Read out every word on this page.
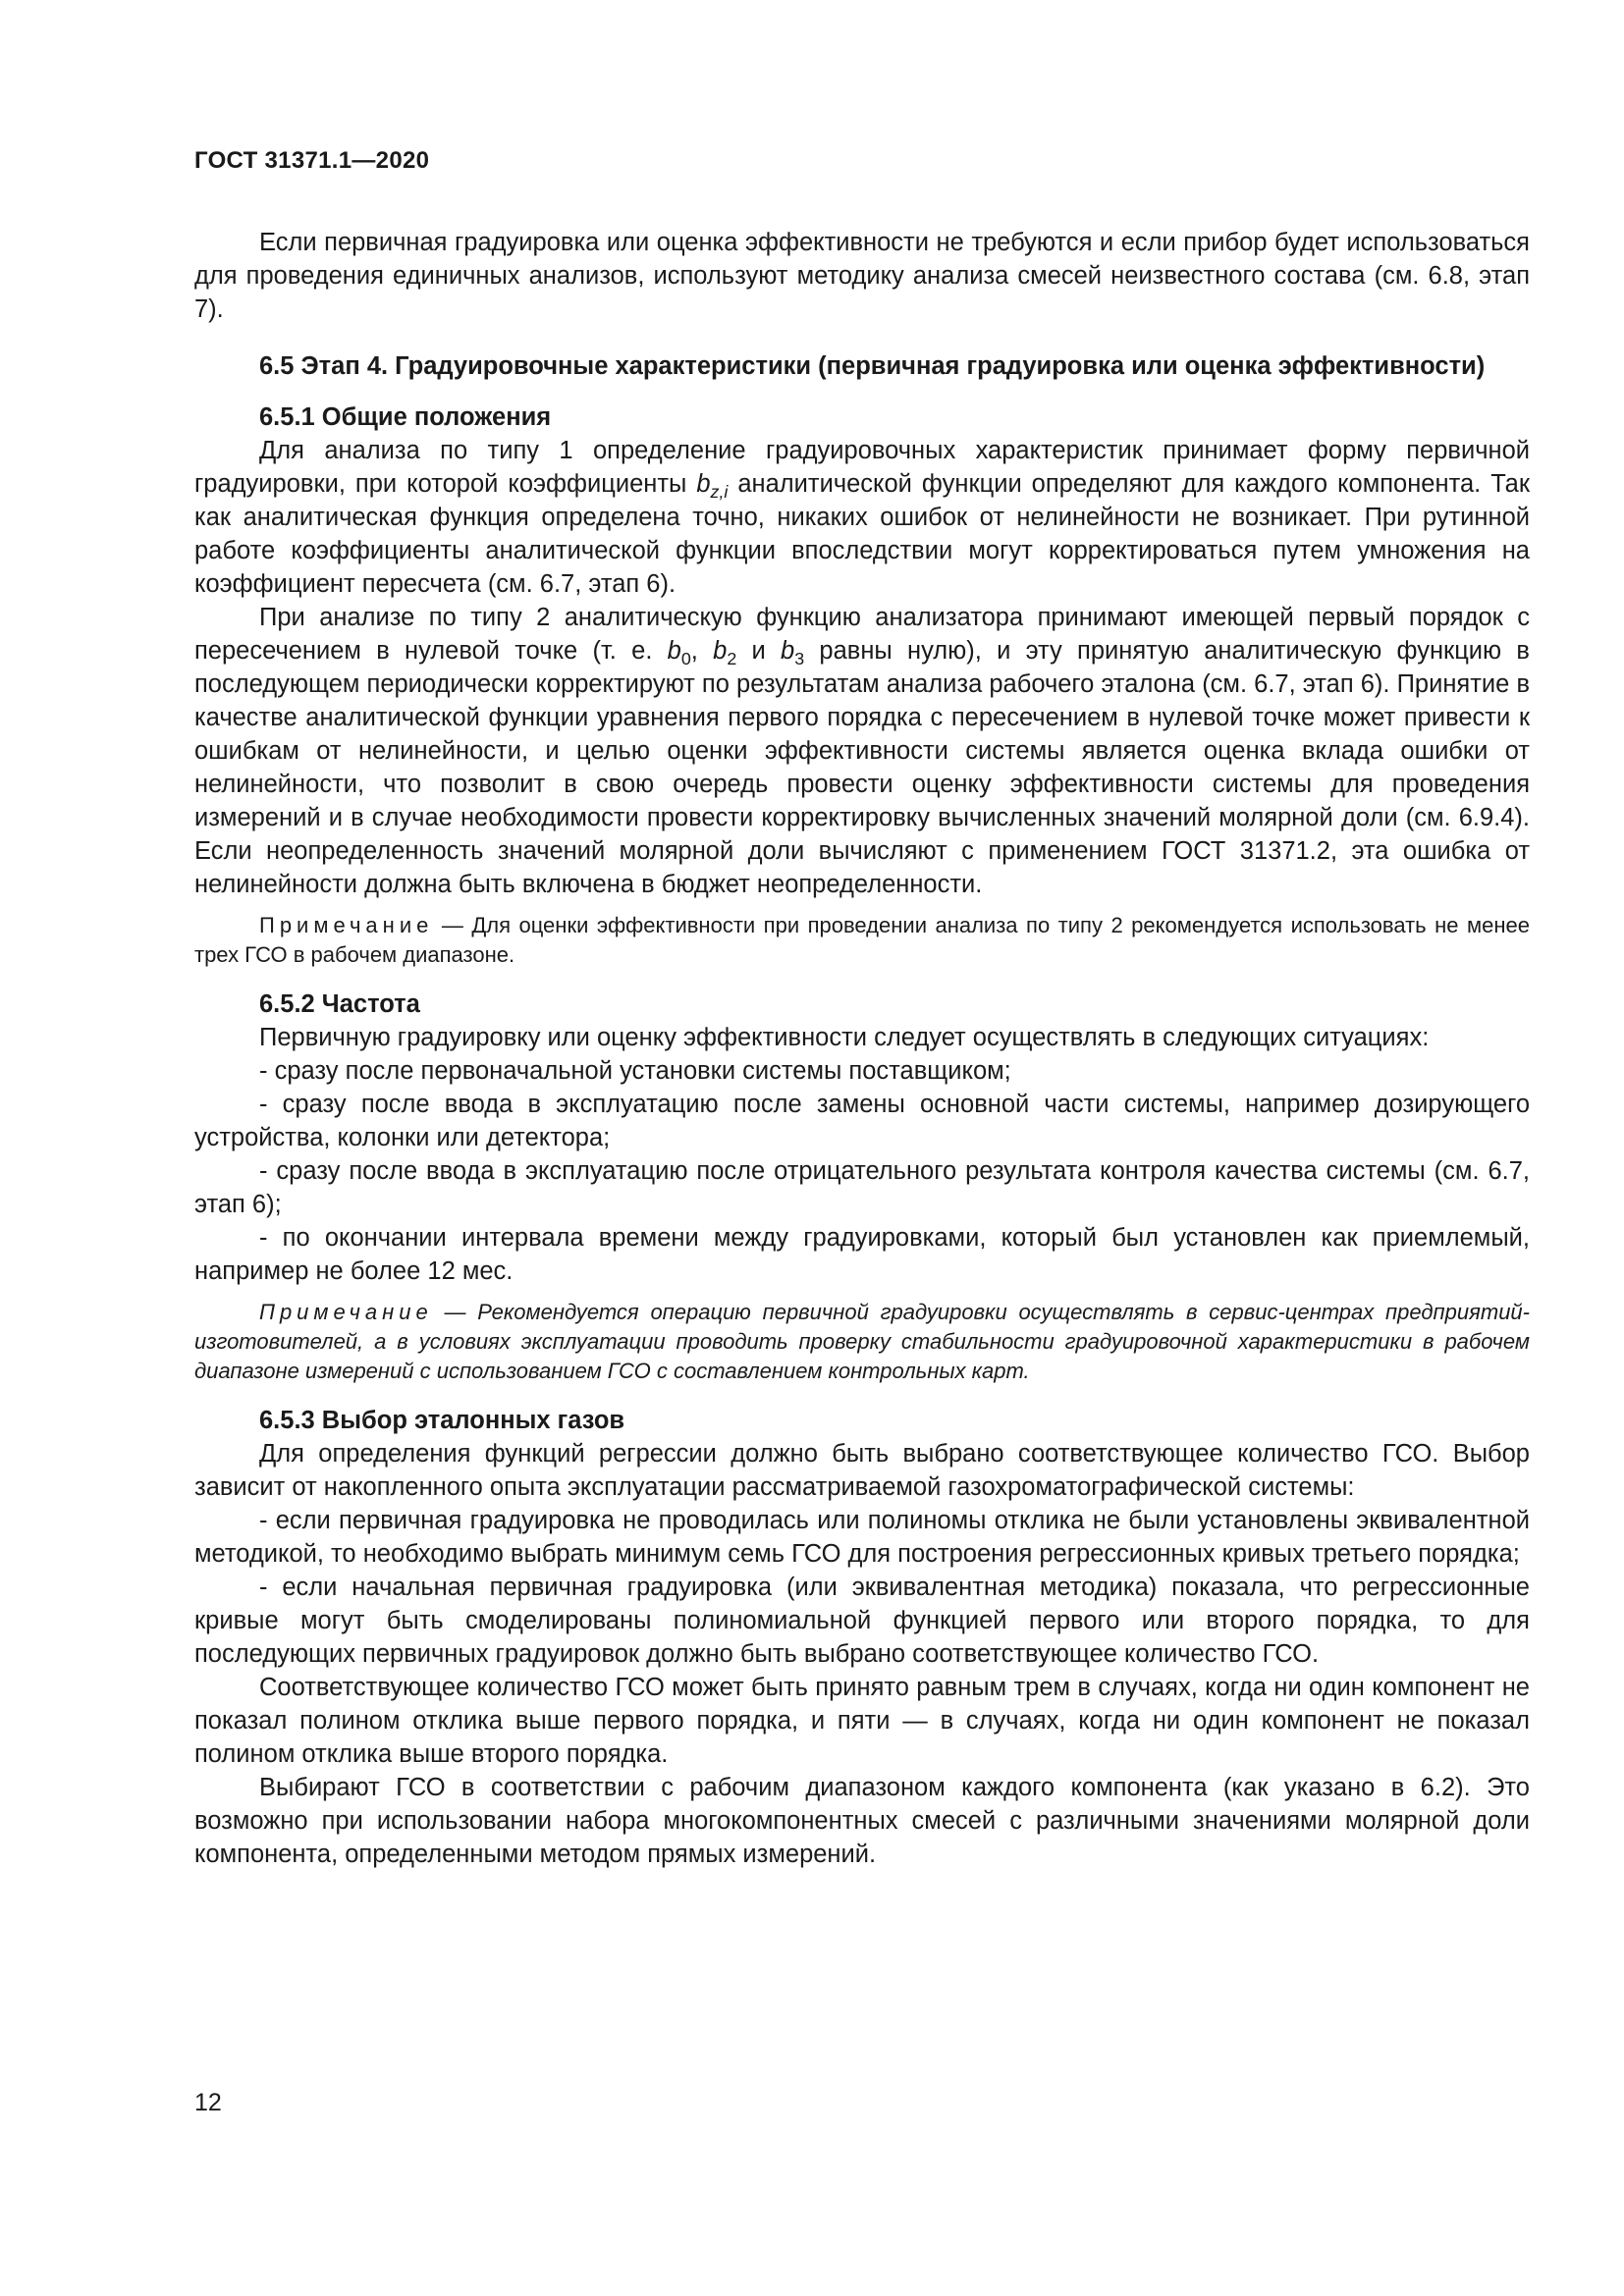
ГОСТ 31371.1—2020

Если первичная градуировка или оценка эффективности не требуются и если прибор будет использоваться для проведения единичных анализов, используют методику анализа смесей неизвестного состава (см. 6.8, этап 7).

6.5 Этап 4. Градуировочные характеристики (первичная градуировка или оценка эффективности)

6.5.1 Общие положения

Для анализа по типу 1 определение градуировочных характеристик принимает форму первичной градуировки, при которой коэффициенты $b_{z,i}$ аналитической функции определяют для каждого компонента. Так как аналитическая функция определена точно, никаких ошибок от нелинейности не возникает. При рутинной работе коэффициенты аналитической функции впоследствии могут корректироваться путем умножения на коэффициент пересчета (см. 6.7, этап 6).

При анализе по типу 2 аналитическую функцию анализатора принимают имеющей первый порядок с пересечением в нулевой точке (т. е. $b_0$, $b_2$ и $b_3$ равны нулю), и эту принятую аналитическую функцию в последующем периодически корректируют по результатам анализа рабочего эталона (см. 6.7, этап 6). Принятие в качестве аналитической функции уравнения первого порядка с пересечением в нулевой точке может привести к ошибкам от нелинейности, и целью оценки эффективности системы является оценка вклада ошибки от нелинейности, что позволит в свою очередь провести оценку эффективности системы для проведения измерений и в случае необходимости провести корректировку вычисленных значений молярной доли (см. 6.9.4). Если неопределенность значений молярной доли вычисляют с применением ГОСТ 31371.2, эта ошибка от нелинейности должна быть включена в бюджет неопределенности.

Примечание — Для оценки эффективности при проведении анализа по типу 2 рекомендуется использовать не менее трех ГСО в рабочем диапазоне.

6.5.2 Частота

Первичную градуировку или оценку эффективности следует осуществлять в следующих ситуациях:

- сразу после первоначальной установки системы поставщиком;

- сразу после ввода в эксплуатацию после замены основной части системы, например дозирующего устройства, колонки или детектора;

- сразу после ввода в эксплуатацию после отрицательного результата контроля качества системы (см. 6.7, этап 6);

- по окончании интервала времени между градуировками, который был установлен как приемлемый, например не более 12 мес.

Примечание — Рекомендуется операцию первичной градуировки осуществлять в сервис-центрах предприятий-изготовителей, а в условиях эксплуатации проводить проверку стабильности градуировочной характеристики в рабочем диапазоне измерений с использованием ГСО с составлением контрольных карт.

6.5.3 Выбор эталонных газов

Для определения функций регрессии должно быть выбрано соответствующее количество ГСО. Выбор зависит от накопленного опыта эксплуатации рассматриваемой газохроматографической системы:

- если первичная градуировка не проводилась или полиномы отклика не были установлены эквивалентной методикой, то необходимо выбрать минимум семь ГСО для построения регрессионных кривых третьего порядка;

- если начальная первичная градуировка (или эквивалентная методика) показала, что регрессионные кривые могут быть смоделированы полиномиальной функцией первого или второго порядка, то для последующих первичных градуировок должно быть выбрано соответствующее количество ГСО.

Соответствующее количество ГСО может быть принято равным трем в случаях, когда ни один компонент не показал полином отклика выше первого порядка, и пяти — в случаях, когда ни один компонент не показал полином отклика выше второго порядка.

Выбирают ГСО в соответствии с рабочим диапазоном каждого компонента (как указано в 6.2). Это возможно при использовании набора многокомпонентных смесей с различными значениями молярной доли компонента, определенными методом прямых измерений.

12
